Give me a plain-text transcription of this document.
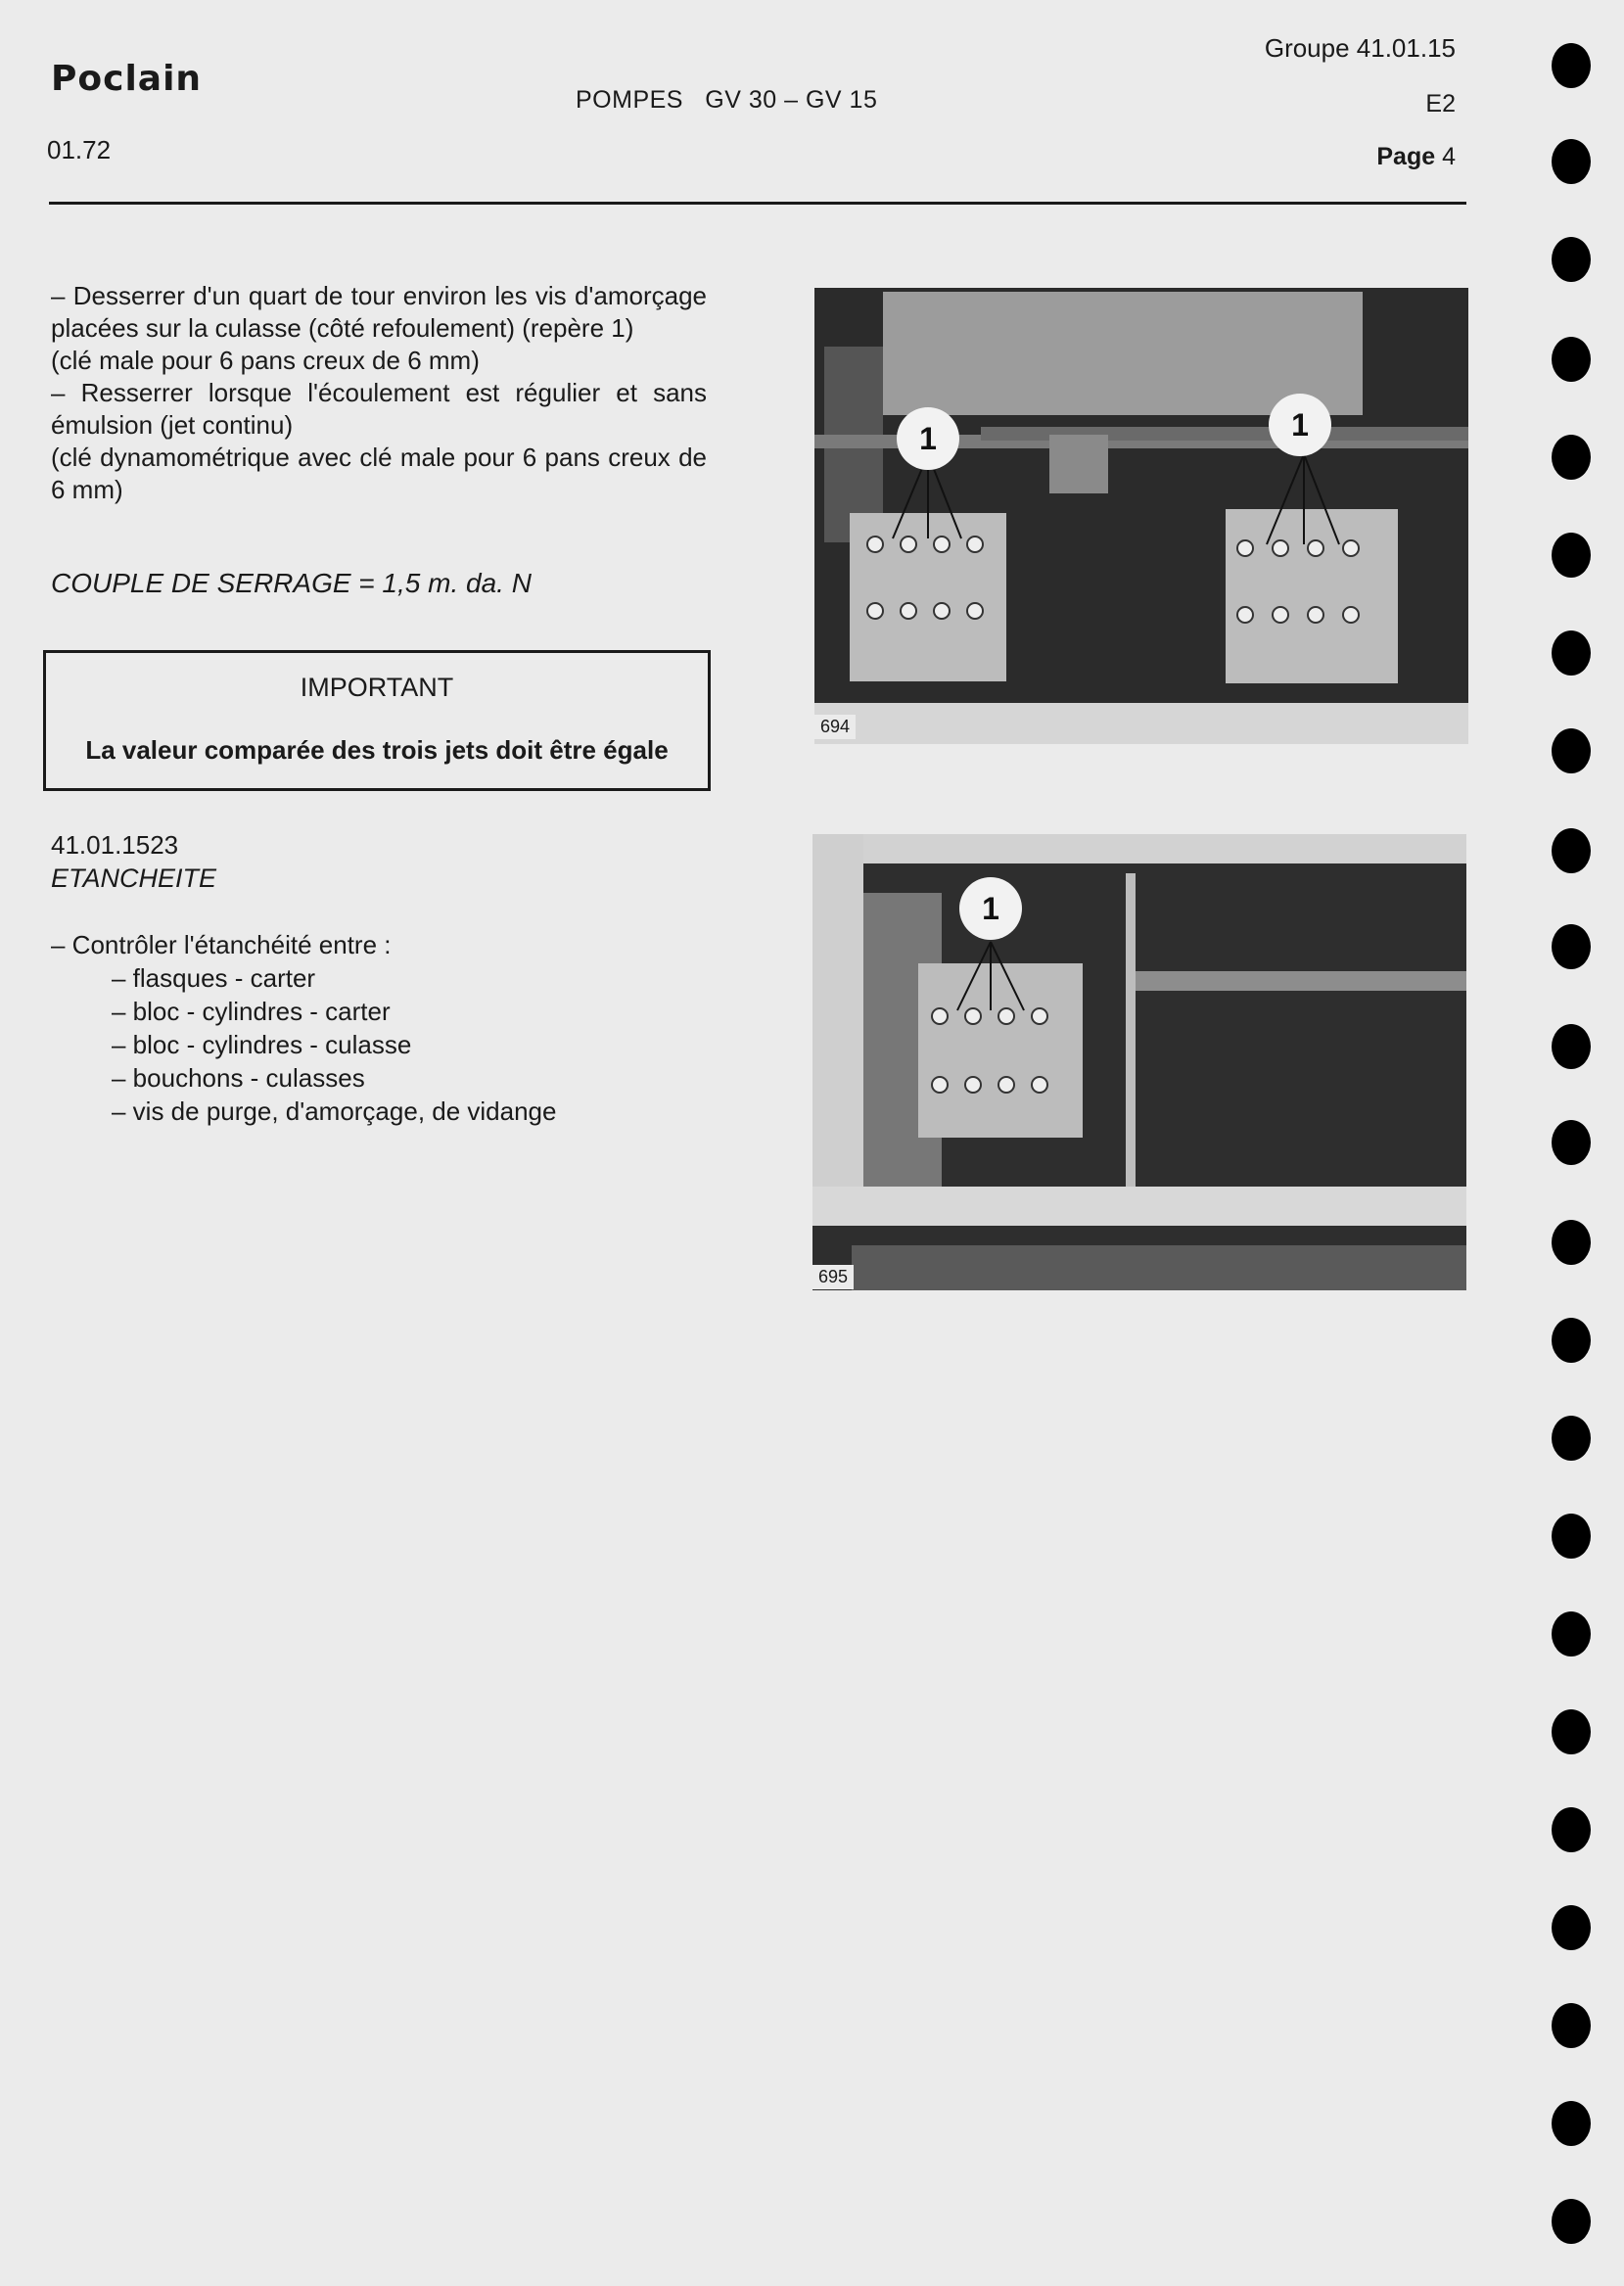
Poclain
01.72
POMPES   GV 30 – GV 15
Groupe 41.01.15
E2
Page 4

– Desserrer d'un quart de tour environ les vis d'amorçage placées sur la culasse (côté refoulement) (repère 1)

(clé male pour 6 pans creux de 6 mm)

– Resserrer lorsque l'écoulement est régulier et sans émulsion (jet continu)

(clé dynamométrique avec clé male pour 6 pans creux de 6 mm)

COUPLE DE SERRAGE = 1,5 m. da. N
IMPORTANT
La valeur comparée des trois jets doit être égale
41.01.1523
ETANCHEITE
– Contrôler l'étanchéité entre :
– flasques - carter
– bloc - cylindres - carter
– bloc - cylindres - culasse
– bouchons - culasses
– vis de purge, d'amorçage, de vidange
1	1
694
1
695
